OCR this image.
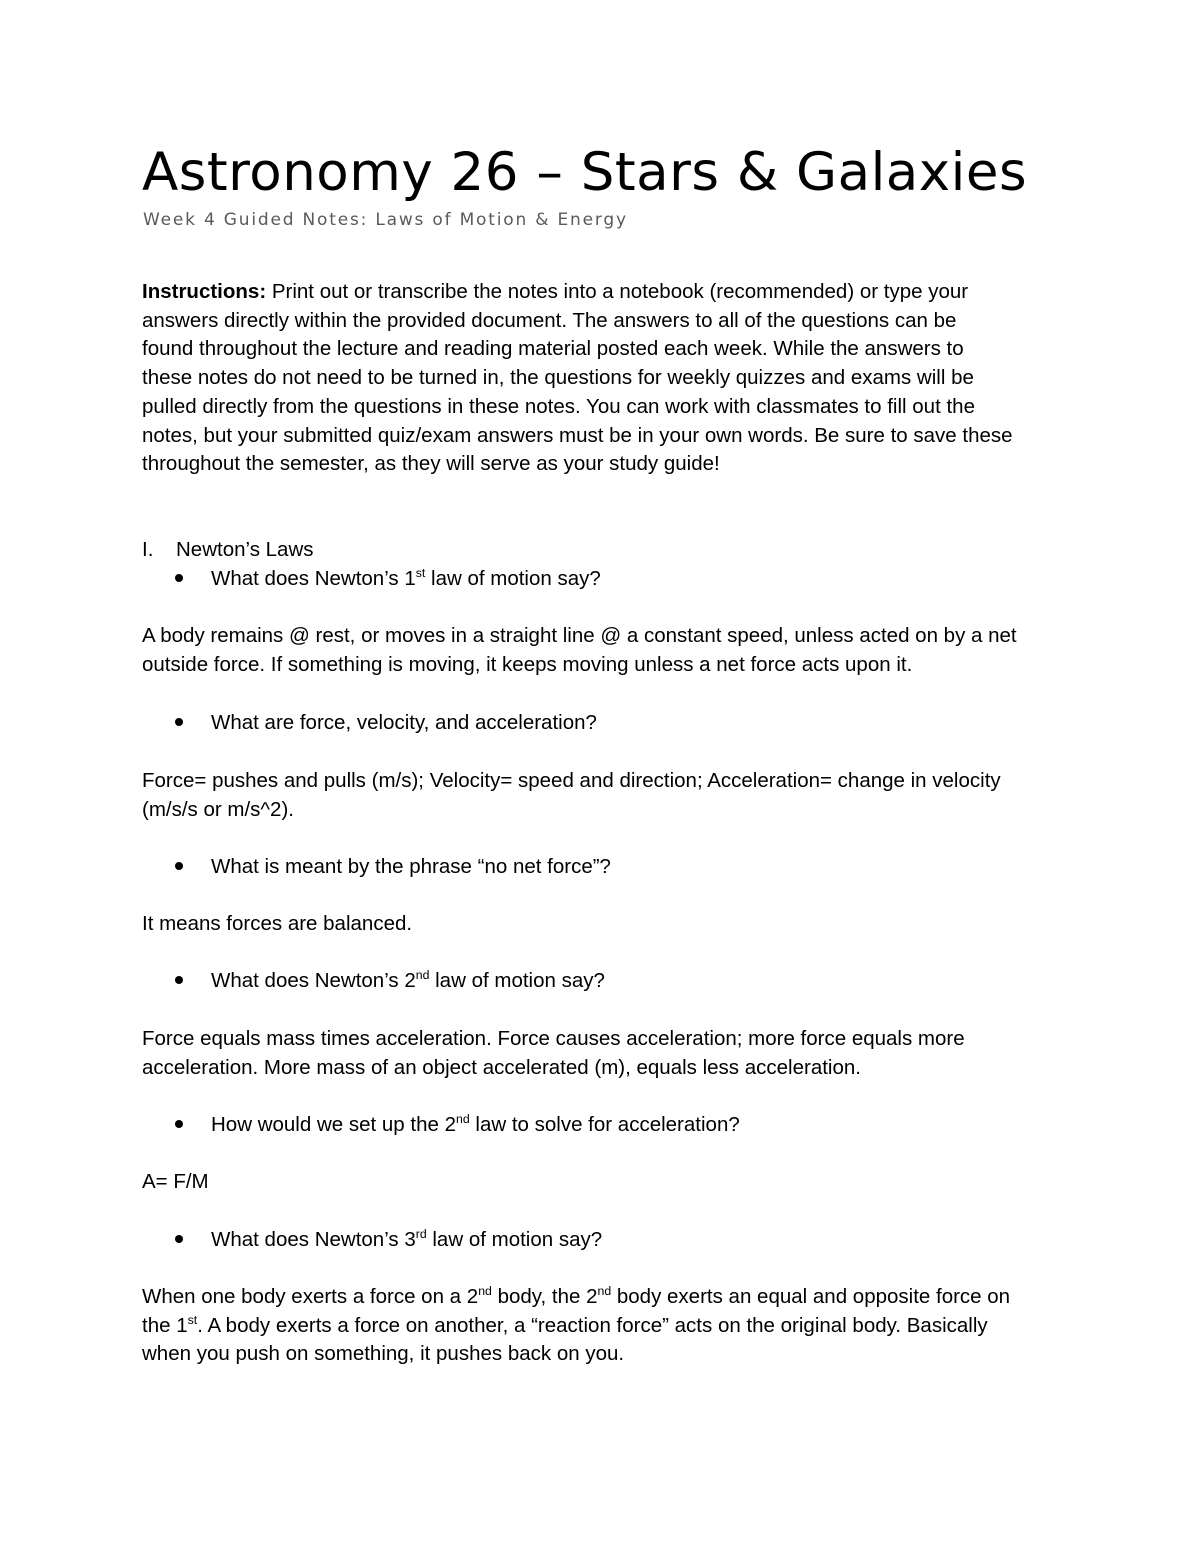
Astronomy 26 – Stars & Galaxies
Week 4 Guided Notes: Laws of Motion & Energy

Instructions: Print out or transcribe the notes into a notebook (recommended) or type your
answers directly within the provided document. The answers to all of the questions can be
found throughout the lecture and reading material posted each week. While the answers to
these notes do not need to be turned in, the questions for weekly quizzes and exams will be
pulled directly from the questions in these notes. You can work with classmates to fill out the
notes, but your submitted quiz/exam answers must be in your own words. Be sure to save these
throughout the semester, as they will serve as your study guide!

I. Newton’s Laws
What does Newton’s 1st law of motion say?

A body remains @ rest, or moves in a straight line @ a constant speed, unless acted on by a net
outside force. If something is moving, it keeps moving unless a net force acts upon it.

What are force, velocity, and acceleration?

Force= pushes and pulls (m/s); Velocity= speed and direction; Acceleration= change in velocity
(m/s/s or m/s^2).

What is meant by the phrase “no net force”?

It means forces are balanced.

What does Newton’s 2nd law of motion say?

Force equals mass times acceleration. Force causes acceleration; more force equals more
acceleration. More mass of an object accelerated (m), equals less acceleration.

How would we set up the 2nd law to solve for acceleration?

A= F/M

What does Newton’s 3rd law of motion say?

When one body exerts a force on a 2nd body, the 2nd body exerts an equal and opposite force on
the 1st. A body exerts a force on another, a “reaction force” acts on the original body. Basically
when you push on something, it pushes back on you.
